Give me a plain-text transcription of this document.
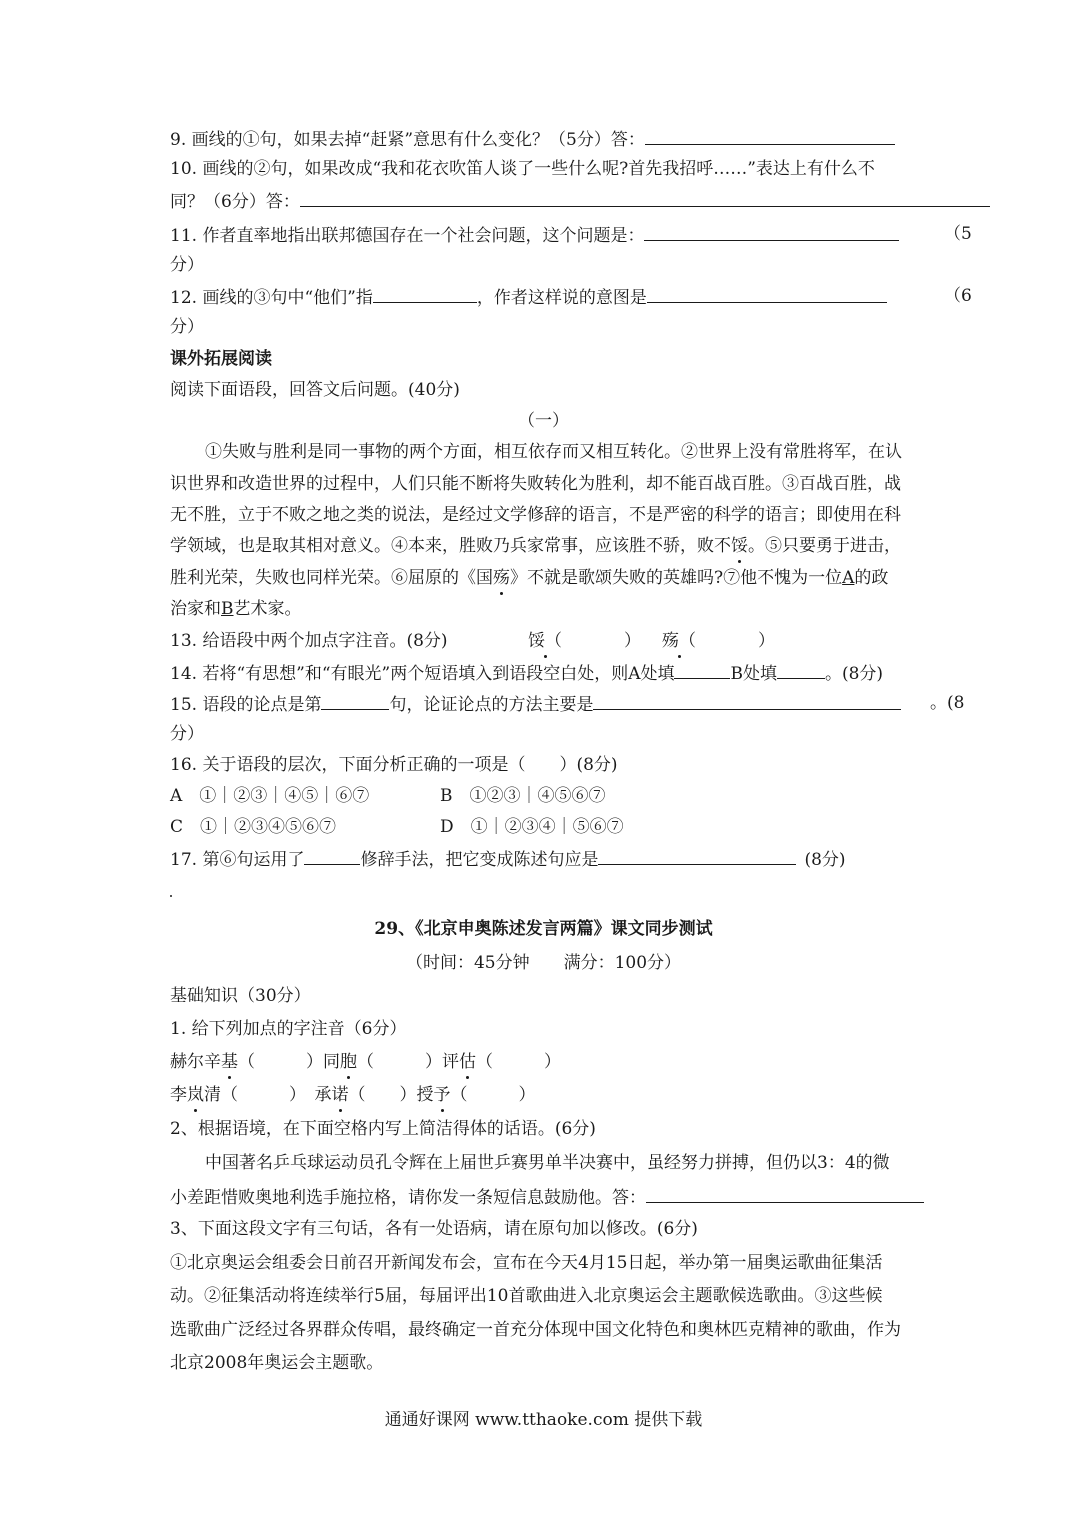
9. 画线的①句，如果去掉“赶紧”意思有什么变化？（5分）答：
10. 画线的②句，如果改成“我和花衣吹笛人谈了一些什么呢?首先我招呼……”表达上有什么不
同？（6分）答：
11. 作者直率地指出联邦德国存在一个社会问题，这个问题是：	（5
分）
12. 画线的③句中“他们”指	，作者这样说的意图是	（6
分）
课外拓展阅读
阅读下面语段，回答文后问题。(40分)
（一）
①失败与胜利是同一事物的两个方面，相互依存而又相互转化。②世界上没有常胜将军，在认
识世界和改造世界的过程中，人们只能不断将失败转化为胜利，却不能百战百胜。③百战百胜，战
无不胜，立于不败之地之类的说法，是经过文学修辞的语言，不是严密的科学的语言；即使用在科
学领域，也是取其相对意义。④本来，胜败乃兵家常事，应该胜不骄，败不馁。⑤只要勇于进击，
胜利光荣，失败也同样光荣。⑥屈原的《国殇》不就是歌颂失败的英雄吗?⑦他不愧为一位A的政
治家和B艺术家。
13. 给语段中两个加点字注音。(8分)	馁（	） 殇（	）
14. 若将“有思想”和“有眼光”两个短语填入到语段空白处，则A处填	B处填	。(8分)
15. 语段的论点是第	句，论证论点的方法主要是	。(8
分）
16. 关于语段的层次，下面分析正确的一项是（　　）(8分)
A　①｜②③｜④⑤｜⑥⑦	B　①②③｜④⑤⑥⑦
C　①｜②③④⑤⑥⑦	D　①｜②③④｜⑤⑥⑦
17. 第⑥句运用了	修辞手法，把它变成陈述句应是	(8分)
29、《北京申奥陈述发言两篇》课文同步测试
（时间：45分钟　　满分：100分）
基础知识（30分）
1. 给下列加点的字注音（6分）
赫尔辛基（　　　）同胞（　　　）评估（　　　）
李岚清（　　　）　承诺（　　）授予（　　　）
2、根据语境，在下面空格内写上简洁得体的话语。(6分)
中国著名乒乓球运动员孔令辉在上届世乒赛男单半决赛中，虽经努力拼搏，但仍以3：4的微
小差距惜败奥地利选手施拉格，请你发一条短信息鼓励他。答：
3、下面这段文字有三句话，各有一处语病，请在原句加以修改。(6分)
①北京奥运会组委会日前召开新闻发布会，宣布在今天4月15日起，举办第一届奥运歌曲征集活
动。②征集活动将连续举行5届，每届评出10首歌曲进入北京奥运会主题歌候选歌曲。③这些候
选歌曲广泛经过各界群众传唱，最终确定一首充分体现中国文化特色和奥林匹克精神的歌曲，作为
北京2008年奥运会主题歌。
通通好课网 www.tthaoke.com 提供下载
